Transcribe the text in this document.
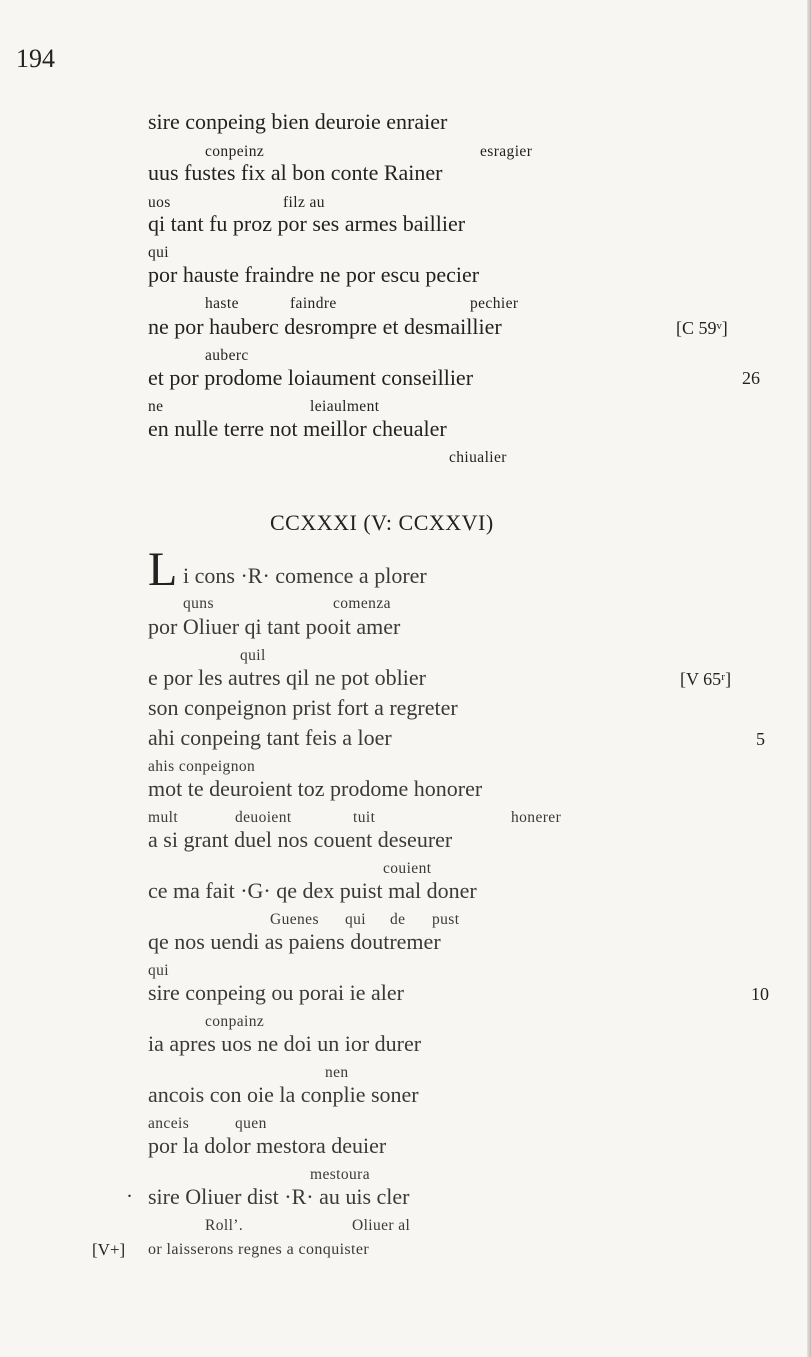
194
sire conpeing bien deuroie enraier
conpeinz	esragier
uus fustes fix al bon conte Rainer
uos	filz au
qi tant fu proz por ses armes baillier
qui
por hauste fraindre ne por escu pecier
haste	faindre	pechier
ne por hauberc desrompre et desmaillier	[C 59ᵛ]
auberc
et por prodome loiaument conseillier	26
ne	leiaulment
en nulle terre not meillor cheualer
chiualier
CCXXXI (V: CCXXVI)
L i cons ·R· comence a plorer
quns	comenza
por Oliuer qi tant pooit amer
quil
e por les autres qil ne pot oblier	[V 65ʳ]
son conpeignon prist fort a regreter
ahi conpeing tant feis a loer	5
ahis conpeignon
mot te deuroient toz prodome honorer
mult	deuoient	tuit	honerer
a si grant duel nos couent deseurer
couient
ce ma fait ·G· qe dex puist mal doner
Guenes qui de pust
qe nos uendi as paiens doutremer
qui
sire conpeing ou porai ie aler	10
conpainz
ia apres uos ne doi un ior durer
nen
ancois con oie la conplie soner
anceis	quen
por la dolor mestora deuier
mestoura
. sire Oliuer dist ·R· au uis cler
Roll’.	Oliuer al
[V+] or laisserons regnes a conquister
